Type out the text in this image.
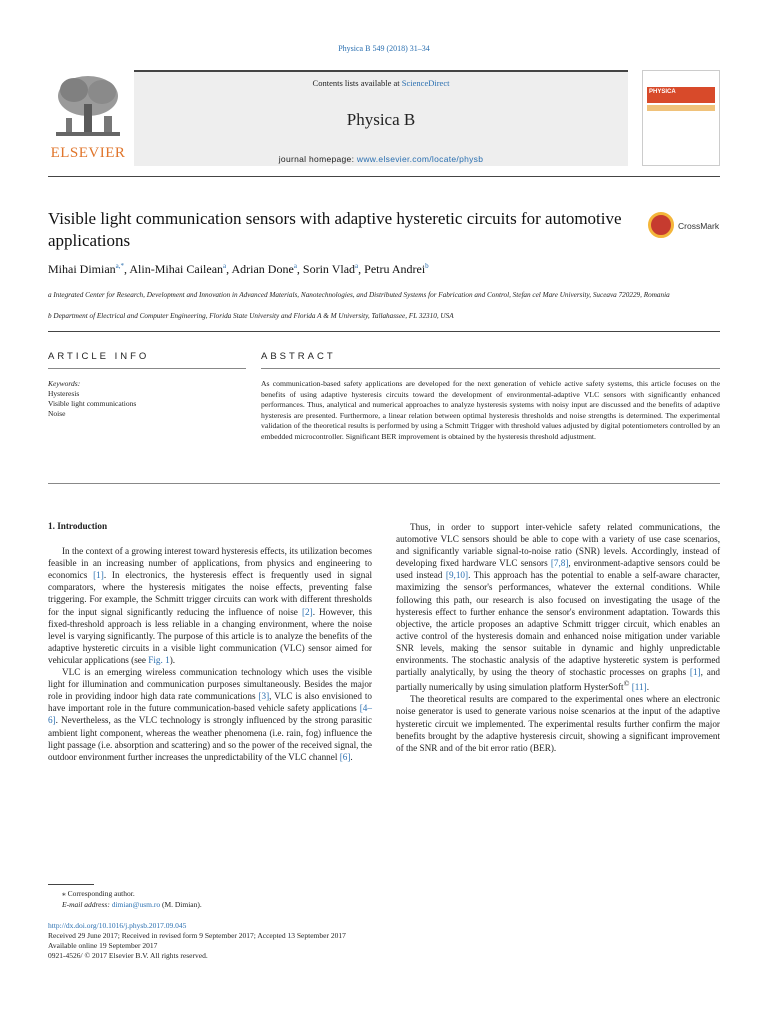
Physica B 549 (2018) 31–34
ELSEVIER
Contents lists available at ScienceDirect
Physica B
journal homepage: www.elsevier.com/locate/physb
PHYSICA
Visible light communication sensors with adaptive hysteretic circuits for automotive applications
CrossMark
Mihai Dimian$^{a,*}$, Alin-Mihai Cailean$^a$, Adrian Done$^a$, Sorin Vlad$^a$, Petru Andrei$^b$
a Integrated Center for Research, Development and Innovation in Advanced Materials, Nanotechnologies, and Distributed Systems for Fabrication and Control, Stefan cel Mare University, Suceava 720229, Romania
b Department of Electrical and Computer Engineering, Florida State University and Florida A & M University, Tallahassee, FL 32310, USA
ARTICLE INFO	ABSTRACT
Keywords:
Hysteresis
Visible light communications
Noise
As communication-based safety applications are developed for the next generation of vehicle active safety systems, this article focuses on the benefits of using adaptive hysteresis circuits toward the development of environmental-adaptive VLC sensors with significantly enhanced performances. Thus, analytical and numerical approaches to analyze hysteresis systems with noisy input are discussed and the benefits of adaptive hysteresis are presented. Furthermore, a linear relation between optimal hysteresis thresholds and noise strengths is determined. The experimental validation of the theoretical results is performed by using a Schmitt Trigger with threshold values adjusted by digital potentiometers controlled by an embedded microcontroller. Significant BER improvement is obtained by the hysteresis threshold adjustment.
1. Introduction
In the context of a growing interest toward hysteresis effects, its utilization becomes feasible in an increasing number of applications, from physics and engineering to economics [1]. In electronics, the hysteresis effect is frequently used in signal comparators, where the hysteresis mitigates the noise effects, preventing false triggering. For example, the Schmitt trigger circuits can work with different thresholds for the input signal significantly reducing the influence of noise [2]. However, this fixed-threshold approach is less reliable in a changing environment, where the noise level is varying significantly. The purpose of this article is to analyze the benefits of the adaptive hysteretic circuits in a visible light communication (VLC) sensor aimed for vehicular applications (see Fig. 1).
VLC is an emerging wireless communication technology which uses the visible light for illumination and communication purposes simultaneously. Besides the major role in providing indoor high data rate communications [3], VLC is also envisioned to have important role in the future communication-based vehicle safety applications [4–6]. Nevertheless, as the VLC technology is strongly influenced by the strong parasitic ambient light component, whereas the weather phenomena (i.e. rain, fog) influence the light passage (i.e. absorption and scattering) and so the power of the received signal, the outdoor environment further increases the unpredictability of the VLC channel [6].
Thus, in order to support inter-vehicle safety related communications, the automotive VLC sensors should be able to cope with a variety of use case scenarios, and significantly variable signal-to-noise ratio (SNR) levels. Accordingly, instead of developing fixed hardware VLC sensors [7,8], environment-adaptive sensors could be used instead [9,10]. This approach has the potential to enable a self-aware character, maximizing the sensor's performances, whatever the external conditions. While following this path, our research is also focused on investigating the usage of the hysteresis effect to further enhance the sensor's environment adaptation. Towards this objective, the article proposes an adaptive Schmitt trigger circuit, which enables an active control of the hysteresis domain and enhanced noise mitigation under variable SNR levels, making the sensor suitable in dynamic and highly unpredictable environments. The stochastic analysis of the adaptive hysteretic system is performed partially analytically, by using the theory of stochastic processes on graphs [1], and partially numerically by using simulation platform HysterSoft© [11].
The theoretical results are compared to the experimental ones where an electronic noise generator is used to generate various noise scenarios at the input of the adaptive hysteretic circuit we implemented. The experimental results further confirm the major benefits brought by the adaptive hysteresis circuit, showing a significant improvement of the SNR and of the bit error ratio (BER).
⁎ Corresponding author.
E-mail address: dimian@usm.ro (M. Dimian).
http://dx.doi.org/10.1016/j.physb.2017.09.045
Received 29 June 2017; Received in revised form 9 September 2017; Accepted 13 September 2017
Available online 19 September 2017
0921-4526/ © 2017 Elsevier B.V. All rights reserved.
